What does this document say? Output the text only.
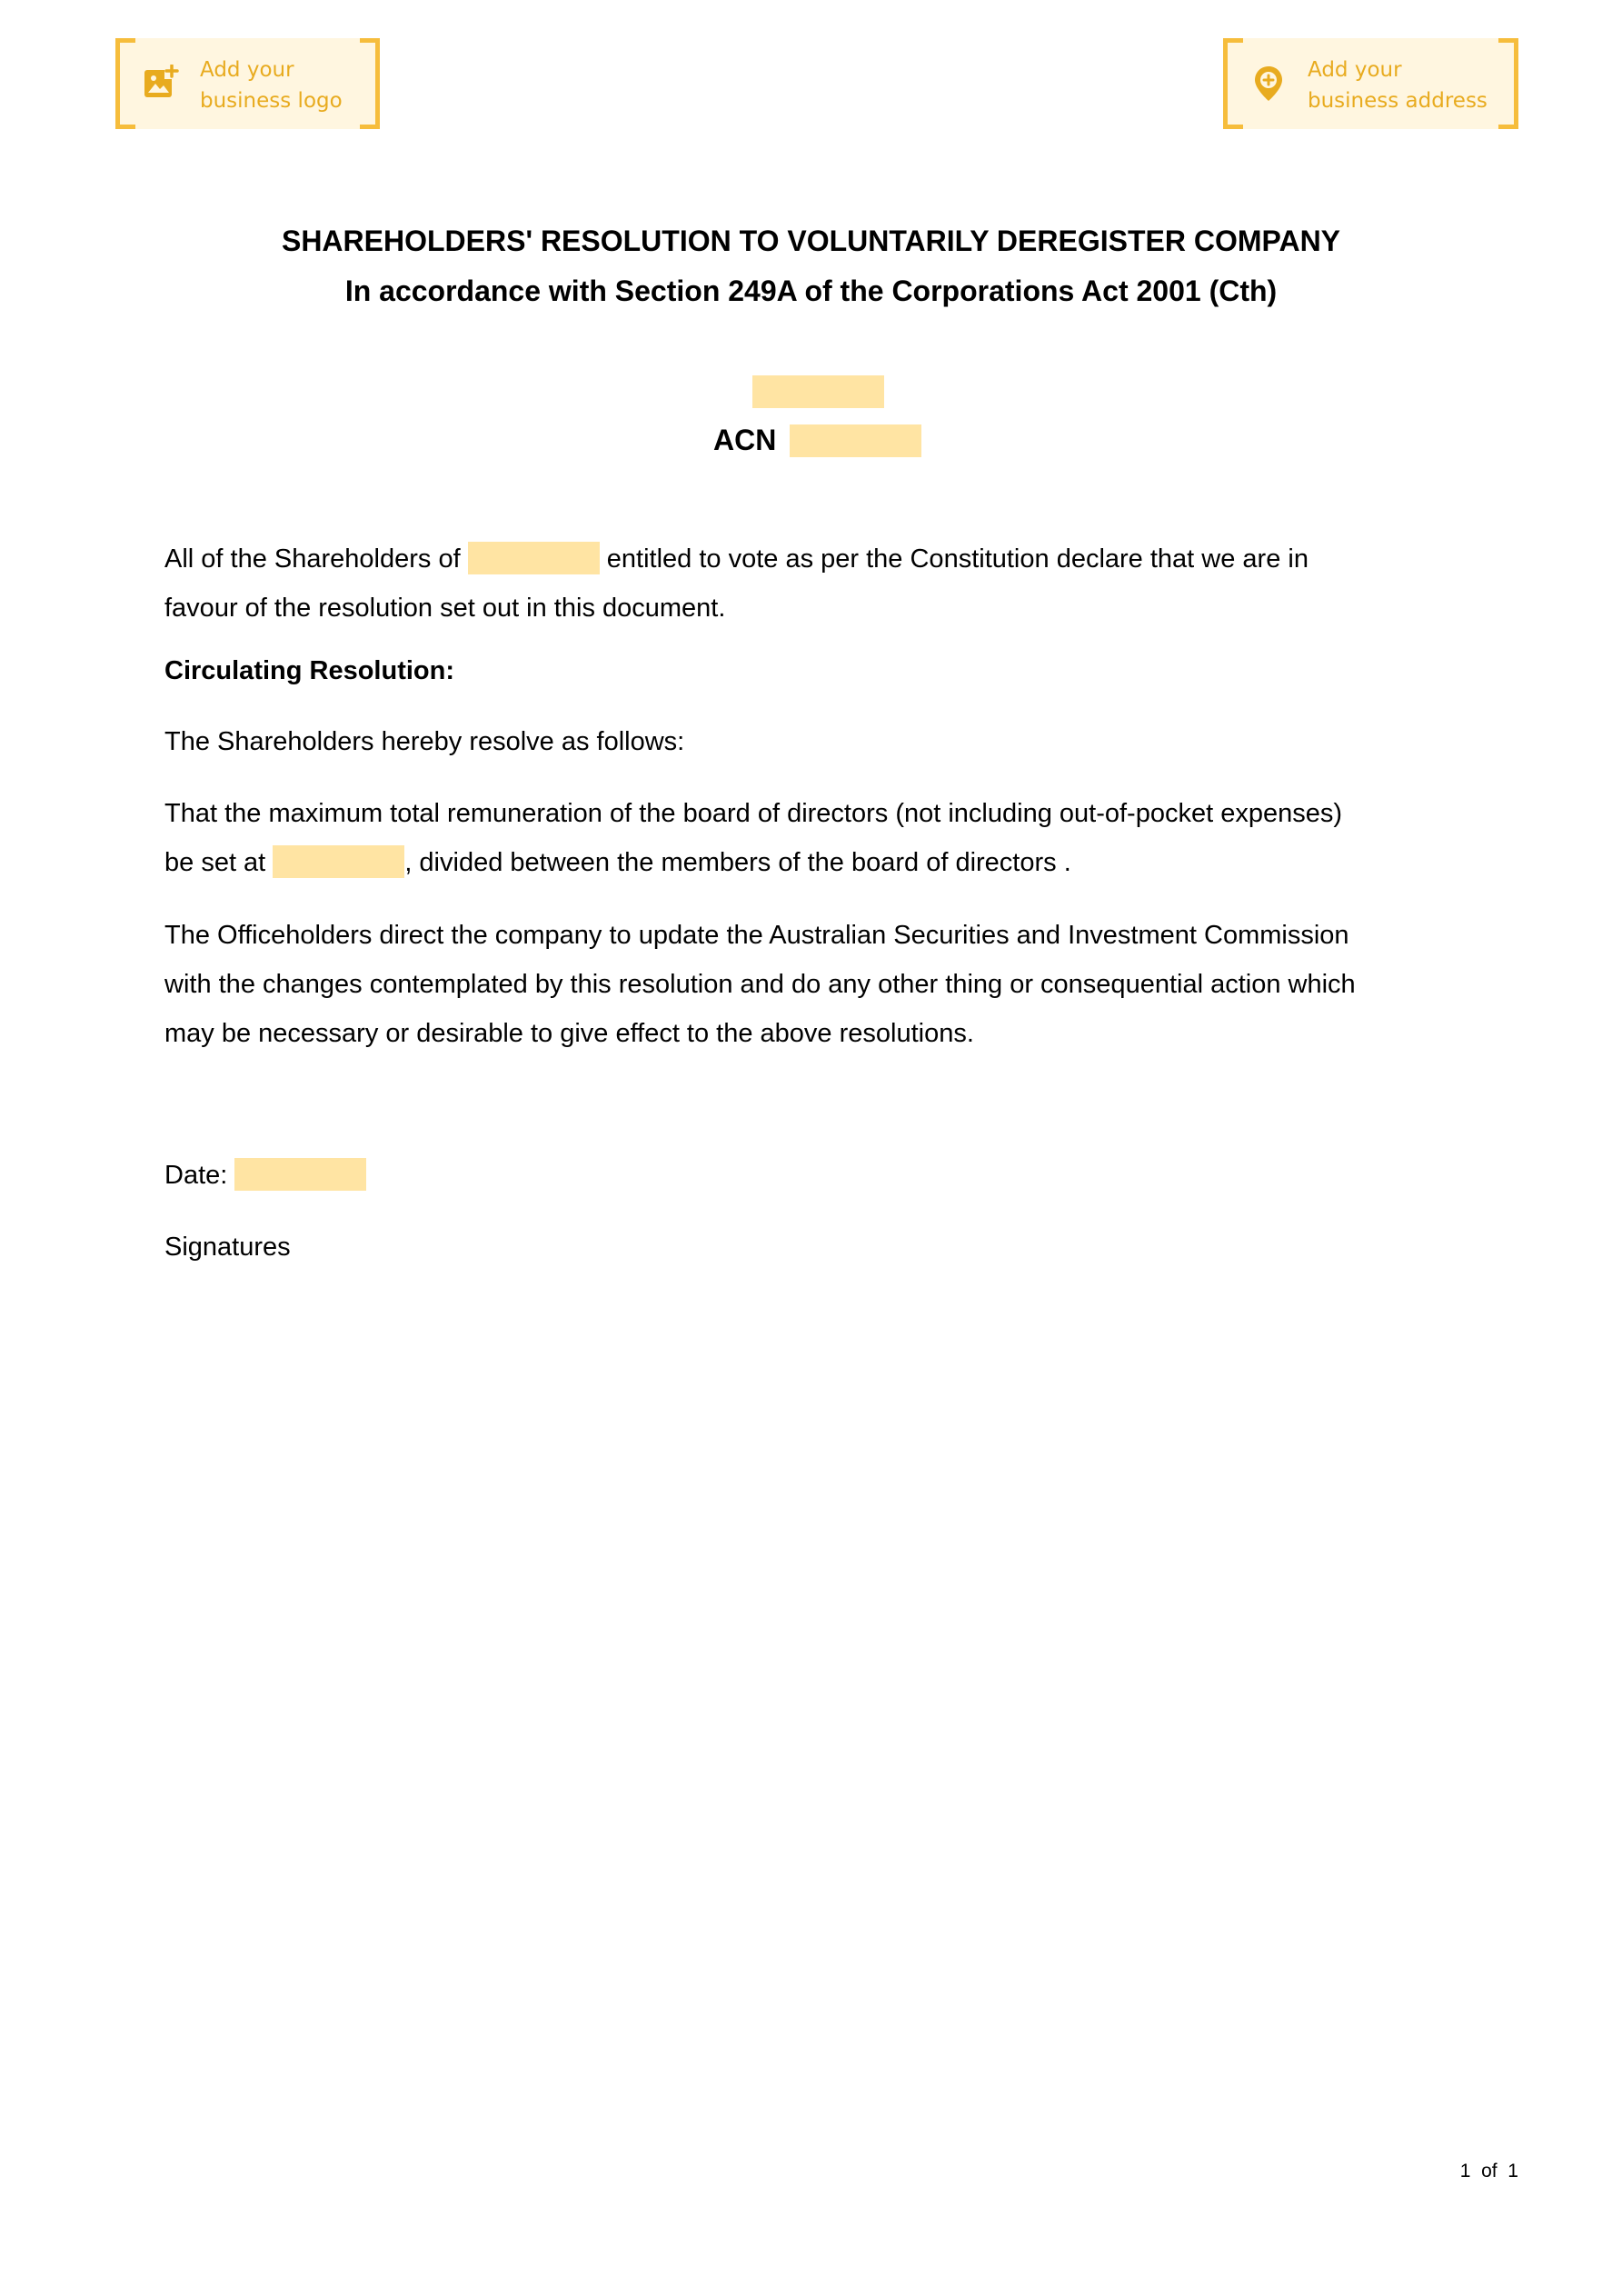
Add your
business logo
Add your
business address
SHAREHOLDERS' RESOLUTION TO VOLUNTARILY DEREGISTER COMPANY
In accordance with Section 249A of the Corporations Act 2001 (Cth)
ACN
All of the Shareholders of	entitled to vote as per the Constitution declare that we are in
favour of the resolution set out in this document.
Circulating Resolution:
The Shareholders hereby resolve as follows:
That the maximum total remuneration of the board of directors (not including out-of-pocket expenses)
be set at	, divided between the members of the board of directors .
The Officeholders direct the company to update the Australian Securities and Investment Commission
with the changes contemplated by this resolution and do any other thing or consequential action which
may be necessary or desirable to give effect to the above resolutions.
Date:
Signatures
1  of  1
